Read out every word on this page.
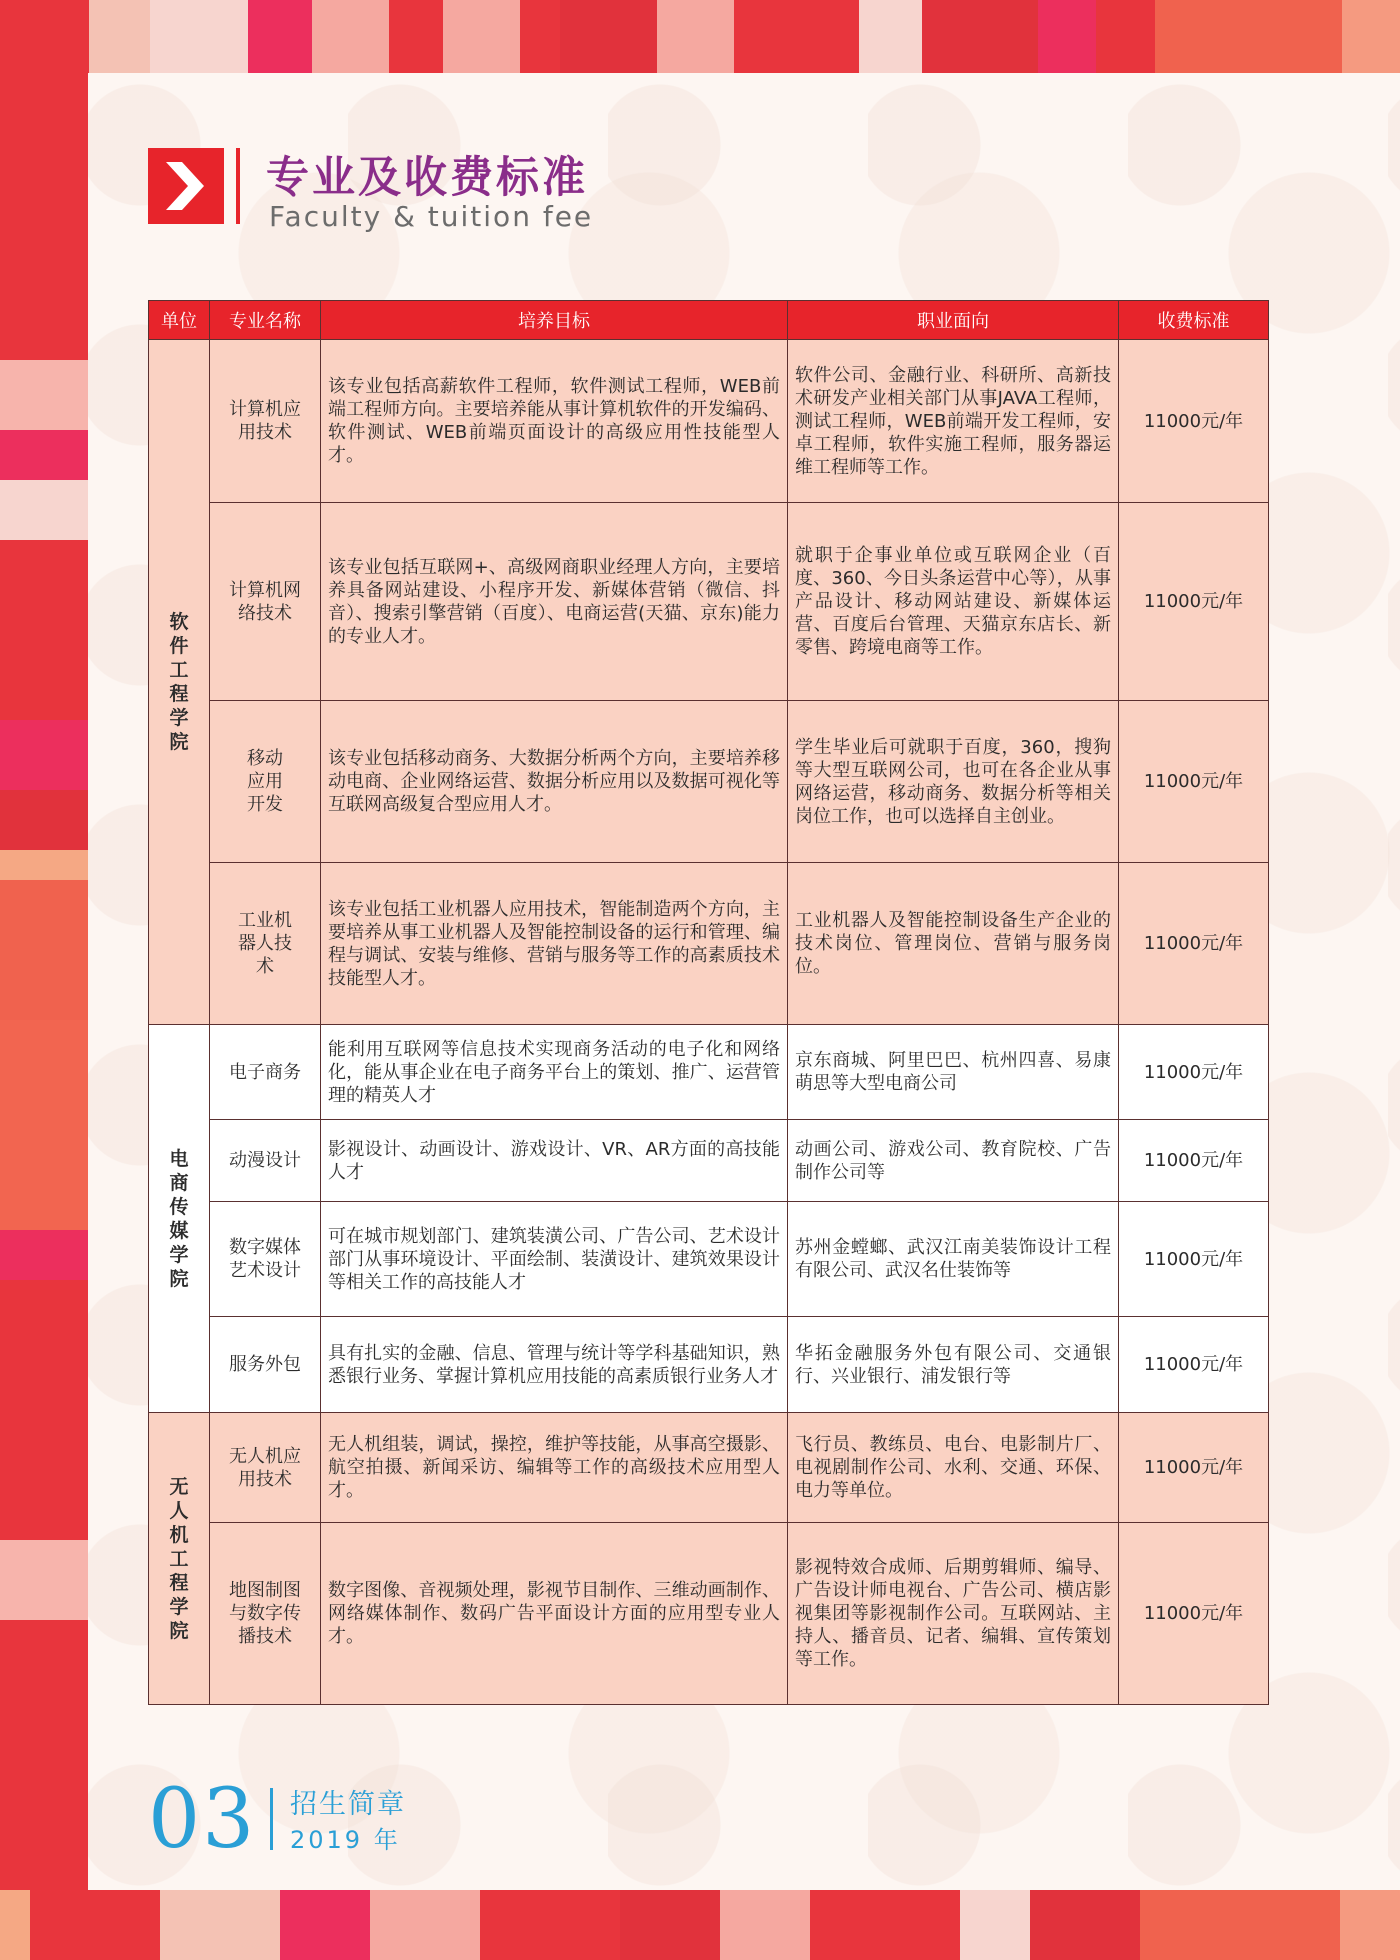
专业及收费标准
Faculty & tuition fee
单位	专业名称	培养目标	职业面向	收费标准
软件工程学院	计算机应用技术	该专业包括高薪软件工程师，软件测试工程师，WEB前端工程师方向。主要培养能从事计算机软件的开发编码、软件测试、WEB前端页面设计的高级应用性技能型人才。	软件公司、金融行业、科研所、高新技术研发产业相关部门从事JAVA工程师，测试工程师，WEB前端开发工程师，安卓工程师，软件实施工程师，服务器运维工程师等工作。	11000元/年
	计算机网络技术	该专业包括互联网+、高级网商职业经理人方向，主要培养具备网站建设、小程序开发、新媒体营销（微信、抖音）、搜索引擎营销（百度）、电商运营(天猫、京东)能力的专业人才。	就职于企事业单位或互联网企业（百度、360、今日头条运营中心等），从事产品设计、移动网站建设、新媒体运营、百度后台管理、天猫京东店长、新零售、跨境电商等工作。	11000元/年
	移动应用开发	该专业包括移动商务、大数据分析两个方向，主要培养移动电商、企业网络运营、数据分析应用以及数据可视化等互联网高级复合型应用人才。	学生毕业后可就职于百度，360，搜狗等大型互联网公司，也可在各企业从事网络运营，移动商务、数据分析等相关岗位工作，也可以选择自主创业。	11000元/年
	工业机器人技术	该专业包括工业机器人应用技术，智能制造两个方向，主要培养从事工业机器人及智能控制设备的运行和管理、编程与调试、安装与维修、营销与服务等工作的高素质技术技能型人才。	工业机器人及智能控制设备生产企业的技术岗位、管理岗位、营销与服务岗位。	11000元/年
电商传媒学院	电子商务	能利用互联网等信息技术实现商务活动的电子化和网络化，能从事企业在电子商务平台上的策划、推广、运营管理的精英人才	京东商城、阿里巴巴、杭州四喜、易康萌思等大型电商公司	11000元/年
	动漫设计	影视设计、动画设计、游戏设计、VR、AR方面的高技能人才	动画公司、游戏公司、教育院校、广告制作公司等	11000元/年
	数字媒体艺术设计	可在城市规划部门、建筑装潢公司、广告公司、艺术设计部门从事环境设计、平面绘制、装潢设计、建筑效果设计等相关工作的高技能人才	苏州金螳螂、武汉江南美装饰设计工程有限公司、武汉名仕装饰等	11000元/年
	服务外包	具有扎实的金融、信息、管理与统计等学科基础知识，熟悉银行业务、掌握计算机应用技能的高素质银行业务人才	华拓金融服务外包有限公司、交通银行、兴业银行、浦发银行等	11000元/年
无人机工程学院	无人机应用技术	无人机组装，调试，操控，维护等技能，从事高空摄影、航空拍摄、新闻采访、编辑等工作的高级技术应用型人才。	飞行员、教练员、电台、电影制片厂、电视剧制作公司、水利、交通、环保、电力等单位。	11000元/年
	地图制图与数字传播技术	数字图像、音视频处理，影视节目制作、三维动画制作、网络媒体制作、数码广告平面设计方面的应用型专业人才。	影视特效合成师、后期剪辑师、编导、广告设计师电视台、广告公司、横店影视集团等影视制作公司。互联网站、主持人、播音员、记者、编辑、宣传策划等工作。	11000元/年
03 招生简章
2019 年
